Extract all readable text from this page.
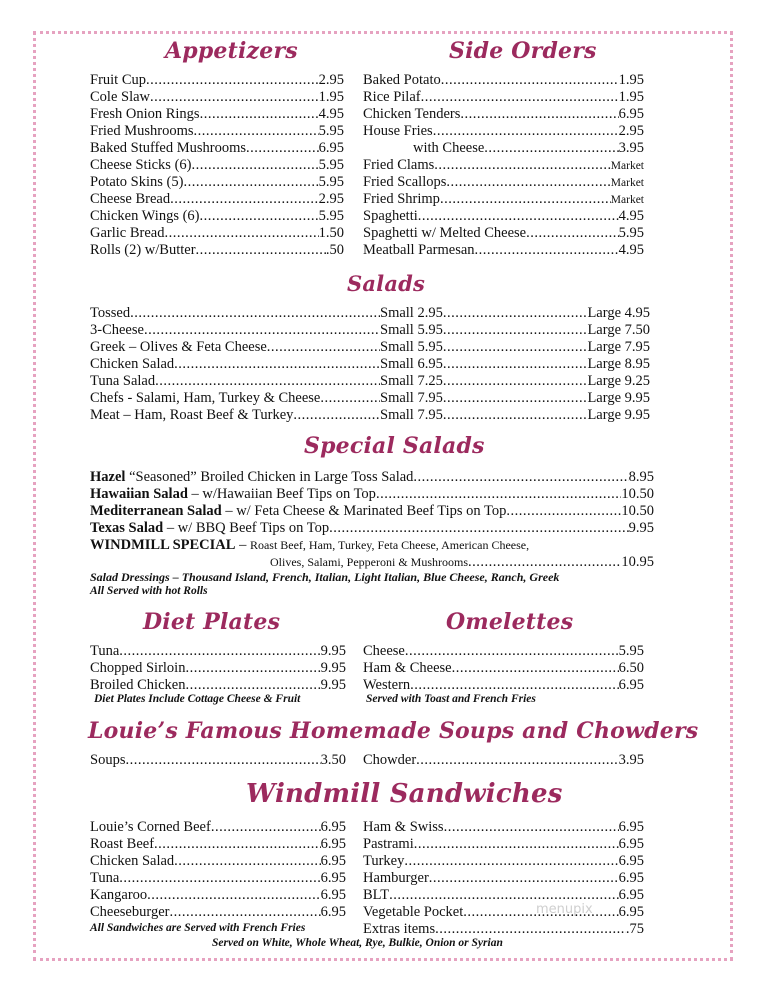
Appetizers
Fruit Cup .....	2.95
Cole Slaw .....	1.95
Fresh Onion Rings .....	4.95
Fried Mushrooms .....	5.95
Baked Stuffed Mushrooms .....	6.95
Cheese Sticks (6) .....	5.95
Potato Skins (5) .....	5.95
Cheese Bread .....	2.95
Chicken Wings (6) .....	5.95
Garlic Bread .....	1.50
Rolls (2) w/Butter .....	.50
Side Orders
Baked Potato .....	1.95
Rice Pilaf .....	1.95
Chicken Tenders .....	6.95
House Fries .....	2.95
with Cheese .....	3.95
Fried Clams .....	Market
Fried Scallops .....	Market
Fried Shrimp .....	Market
Spaghetti .....	4.95
Spaghetti w/ Melted Cheese .....	5.95
Meatball Parmesan .....	4.95
Salads
Tossed .....	Small 2.95 .....	Large 4.95
3-Cheese .....	Small 5.95 .....	Large 7.50
Greek – Olives & Feta Cheese .....	Small 5.95 .....	Large 7.95
Chicken Salad .....	Small 6.95 .....	Large 8.95
Tuna Salad .....	Small 7.25 .....	Large 9.25
Chefs - Salami, Ham, Turkey & Cheese .....	Small 7.95 .....	Large 9.95
Meat – Ham, Roast Beef & Turkey .....	Small 7.95 .....	Large 9.95
Special Salads
Hazel “Seasoned” Broiled Chicken in Large Toss Salad .....	8.95
Hawaiian Salad – w/Hawaiian Beef Tips on Top .....	10.50
Mediterranean Salad – w/ Feta Cheese & Marinated Beef Tips on Top .....	10.50
Texas Salad – w/ BBQ Beef Tips on Top .....	9.95
WINDMILL SPECIAL – Roast Beef, Ham, Turkey, Feta Cheese, American Cheese,
Olives, Salami, Pepperoni & Mushrooms .....	10.95
Salad Dressings – Thousand Island, French, Italian, Light Italian, Blue Cheese, Ranch, Greek
All Served with hot Rolls
Diet Plates
Tuna .....	9.95
Chopped Sirloin .....	9.95
Broiled Chicken .....	9.95
Diet Plates Include Cottage Cheese & Fruit
Omelettes
Cheese .....	5.95
Ham & Cheese .....	6.50
Western .....	6.95
Served with Toast and French Fries
Louie’s Famous Homemade Soups and Chowders
Soups .....	3.50 Chowder .....	3.95
Windmill Sandwiches
Louie’s Corned Beef .....	6.95
Roast Beef .....	6.95
Chicken Salad .....	6.95
Tuna .....	6.95
Kangaroo .....	6.95
Cheeseburger .....	6.95
Ham & Swiss .....	6.95
Pastrami .....	6.95
Turkey .....	6.95
Hamburger .....	6.95
BLT .....	6.95
Vegetable Pocket .....	6.95
Extras items .....	.75
All Sandwiches are Served with French Fries
Served on White, Whole Wheat, Rye, Bulkie, Onion or Syrian
menupix
